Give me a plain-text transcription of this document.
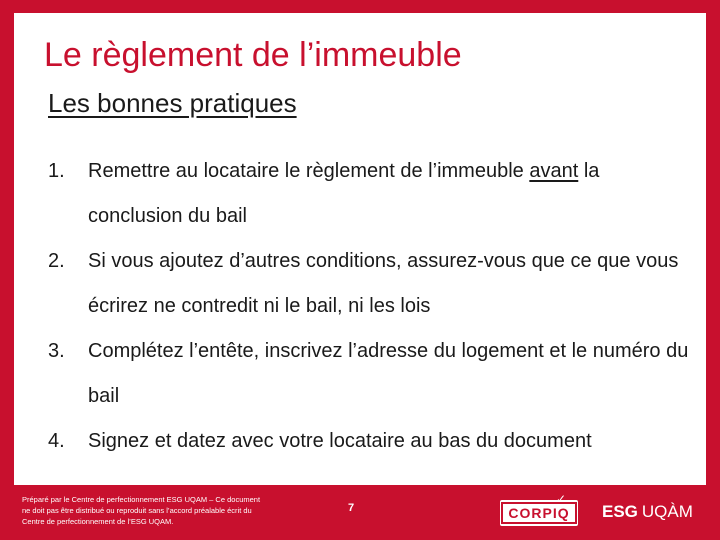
Le règlement de l’immeuble
Les bonnes pratiques
1.	Remettre au locataire le règlement de l’immeuble avant la conclusion du bail
2.	Si vous ajoutez d’autres conditions, assurez-vous que ce que vous écrirez ne contredit ni le bail, ni les lois
3.	Complétez l’entête, inscrivez l’adresse du logement et le numéro du bail
4.	Signez et datez avec votre locataire au bas du document
Préparé par le Centre de perfectionnement ESG UQAM – Ce document ne doit pas être distribué ou reproduit sans l’accord préalable écrit du Centre de perfectionnement de l’ESG UQAM.
7	CORPIQ
✓
ESG UQÀM
